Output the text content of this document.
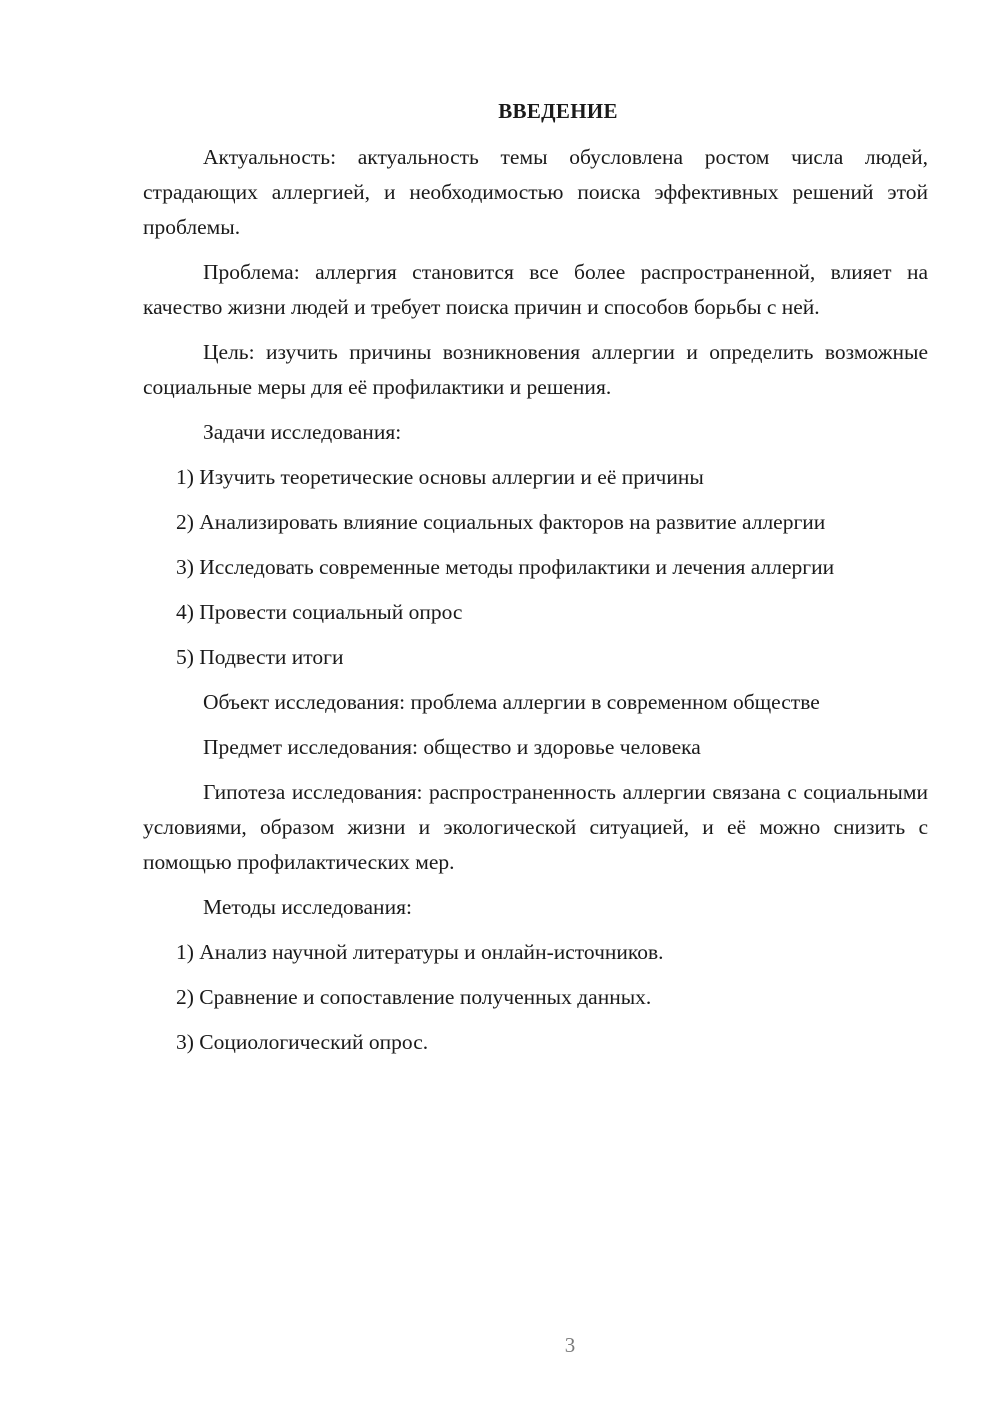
ВВЕДЕНИЕ

Актуальность: актуальность темы обусловлена ростом числа людей, страдающих аллергией, и необходимостью поиска эффективных решений этой проблемы.

Проблема: аллергия становится все более распространенной, влияет на качество жизни людей и требует поиска причин и способов борьбы с ней.

Цель: изучить причины возникновения аллергии и определить возможные социальные меры для её профилактики и решения.

Задачи исследования:

1) Изучить теоретические основы аллергии и её причины

2) Анализировать влияние социальных факторов на развитие аллергии

3) Исследовать современные методы профилактики и лечения аллергии

4) Провести социальный опрос

5) Подвести итоги

Объект исследования: проблема аллергии в современном обществе

Предмет исследования: общество и здоровье человека

Гипотеза исследования: распространенность аллергии связана с социальными условиями, образом жизни и экологической ситуацией, и её можно снизить с помощью профилактических мер.

Методы исследования:

1) Анализ научной литературы и онлайн-источников.

2) Сравнение и сопоставление полученных данных.

3) Социологический опрос.

3
